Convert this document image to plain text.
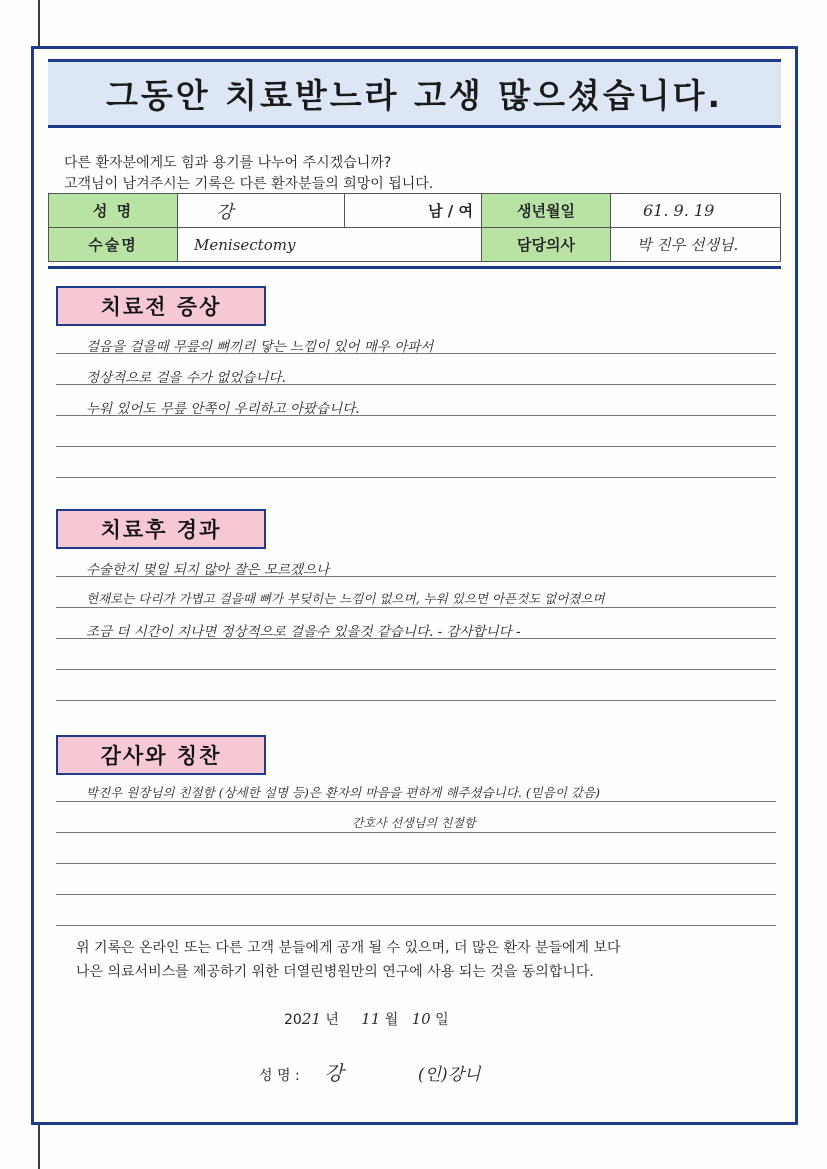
그동안 치료받느라 고생 많으셨습니다.
다른 환자분에게도 힘과 용기를 나누어 주시겠습니까?
고객님이 남겨주시는 기록은 다른 환자분들의 희망이 됩니다.
성 명	강	남 / 여	생년월일	61. 9. 19
수술명	Menisectomy		담당의사	박 진우 선생님.
치료전 증상
걸음을 걸을때 무릎의 뼈끼리 닿는 느낌이 있어 매우 아파서
정상적으로 걸을 수가 없었습니다.
누워 있어도 무릎 안쪽이 우리하고 아팠습니다.
치료후 경과
수술한지 몇일 되지 않아 잘은 모르겠으나
현재로는 다리가 가볍고 걸을때 뼈가 부딪히는 느낌이 없으며, 누워 있으면 아픈것도 없어졌으며
조금 더 시간이 지나면 정상적으로 걸을수 있을것 같습니다. - 감사합니다 -
감사와 칭찬
박진우 원장님의 친절함 (상세한 설명 등)은 환자의 마음을 편하게 해주셨습니다. (믿음이 갔음)
간호사 선생님의 친절함
위 기록은 온라인 또는 다른 고객 분들에게 공개 될 수 있으며, 더 많은 환자 분들에게 보다
나은 의료서비스를 제공하기 위한 더열린병원만의 연구에 사용 되는 것을 동의합니다.
2021 년 11 월 10 일
성 명 : 강	(인)강니
